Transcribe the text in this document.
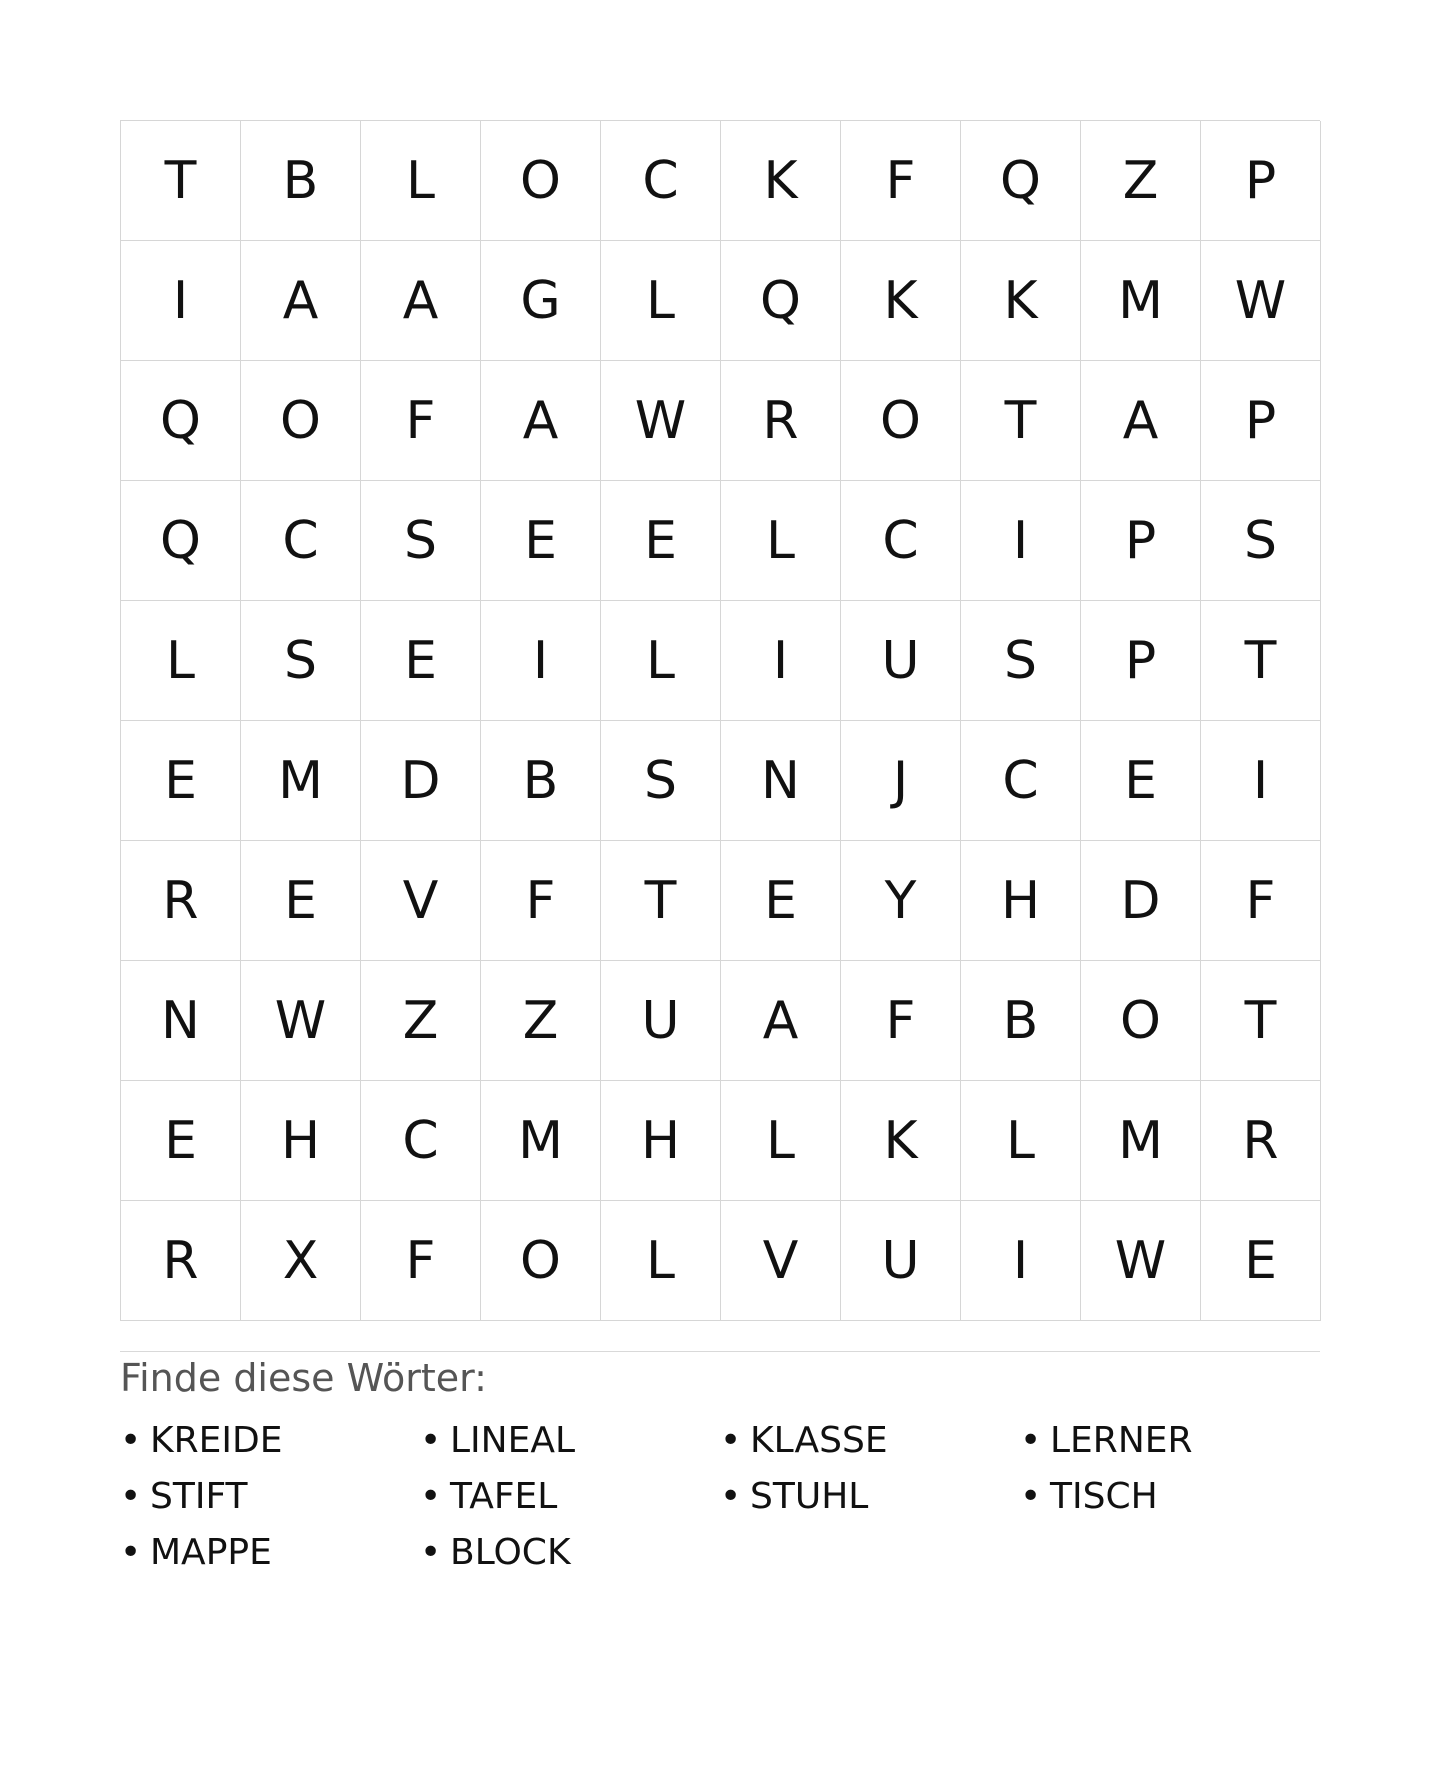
T	B	L	O	C	K	F	Q	Z	P
I	A	A	G	L	Q	K	K	M	W
Q	O	F	A	W	R	O	T	A	P
Q	C	S	E	E	L	C	I	P	S
L	S	E	I	L	I	U	S	P	T
E	M	D	B	S	N	J	C	E	I
R	E	V	F	T	E	Y	H	D	F
N	W	Z	Z	U	A	F	B	O	T
E	H	C	M	H	L	K	L	M	R
R	X	F	O	L	V	U	I	W	E
Finde diese Wörter:
• KREIDE	• LINEAL	• KLASSE	• LERNER
• STIFT	• TAFEL	• STUHL	• TISCH
• MAPPE	• BLOCK
